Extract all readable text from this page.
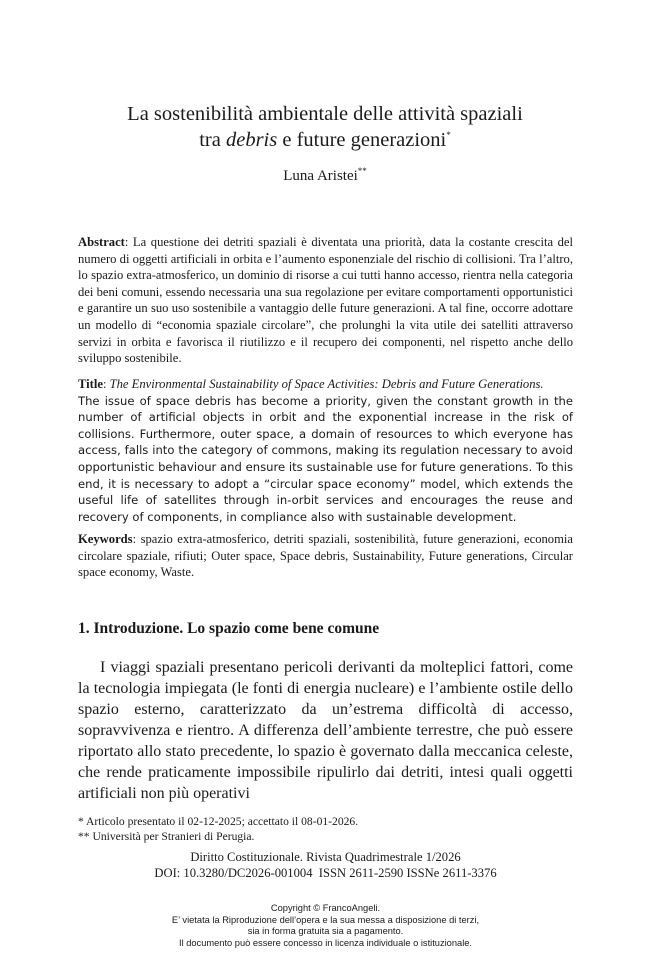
La sostenibilità ambientale delle attività spaziali
tra debris e future generazioni*
Luna Aristei**
Abstract: La questione dei detriti spaziali è diventata una priorità, data la costante crescita del numero di oggetti artificiali in orbita e l’aumento esponenziale del rischio di collisioni. Tra l’altro, lo spazio extra-atmosferico, un dominio di risorse a cui tutti hanno accesso, rientra nella categoria dei beni comuni, essendo necessaria una sua regolazione per evitare comportamenti opportunistici e garantire un suo uso sostenibile a vantaggio delle future generazioni. A tal fine, occorre adottare un modello di “economia spaziale circolare”, che prolunghi la vita utile dei satelliti attraverso servizi in orbita e favorisca il riutilizzo e il recupero dei componenti, nel rispetto anche dello sviluppo sostenibile.
Title: The Environmental Sustainability of Space Activities: Debris and Future Generations.
The issue of space debris has become a priority, given the constant growth in the number of artificial objects in orbit and the exponential increase in the risk of collisions. Furthermore, outer space, a domain of resources to which everyone has access, falls into the category of commons, making its regulation necessary to avoid opportunistic behaviour and ensure its sustainable use for future generations. To this end, it is necessary to adopt a “circular space economy” model, which extends the useful life of satellites through in-orbit services and encourages the reuse and recovery of components, in compliance also with sustainable development.
Keywords: spazio extra-atmosferico, detriti spaziali, sostenibilità, future generazioni, economia circolare spaziale, rifiuti; Outer space, Space debris, Sustainability, Future generations, Circular space economy, Waste.
1. Introduzione. Lo spazio come bene comune
I viaggi spaziali presentano pericoli derivanti da molteplici fattori, come la tecnologia impiegata (le fonti di energia nucleare) e l’ambiente ostile dello spazio esterno, caratterizzato da un’estrema difficoltà di accesso, sopravvivenza e rientro. A differenza dell’ambiente terrestre, che può essere riportato allo stato precedente, lo spazio è governato dalla meccanica celeste, che rende praticamente impossibile ripulirlo dai detriti, intesi quali oggetti artificiali non più operativi
* Articolo presentato il 02-12-2025; accettato il 08-01-2026.
** Università per Stranieri di Perugia.
Diritto Costituzionale. Rivista Quadrimestrale 1/2026
DOI: 10.3280/DC2026-001004  ISSN 2611-2590 ISSNe 2611-3376
Copyright © FrancoAngeli.
E’ vietata la Riproduzione dell’opera e la sua messa a disposizione di terzi,
sia in forma gratuita sia a pagamento.
Il documento può essere concesso in licenza individuale o istituzionale.
